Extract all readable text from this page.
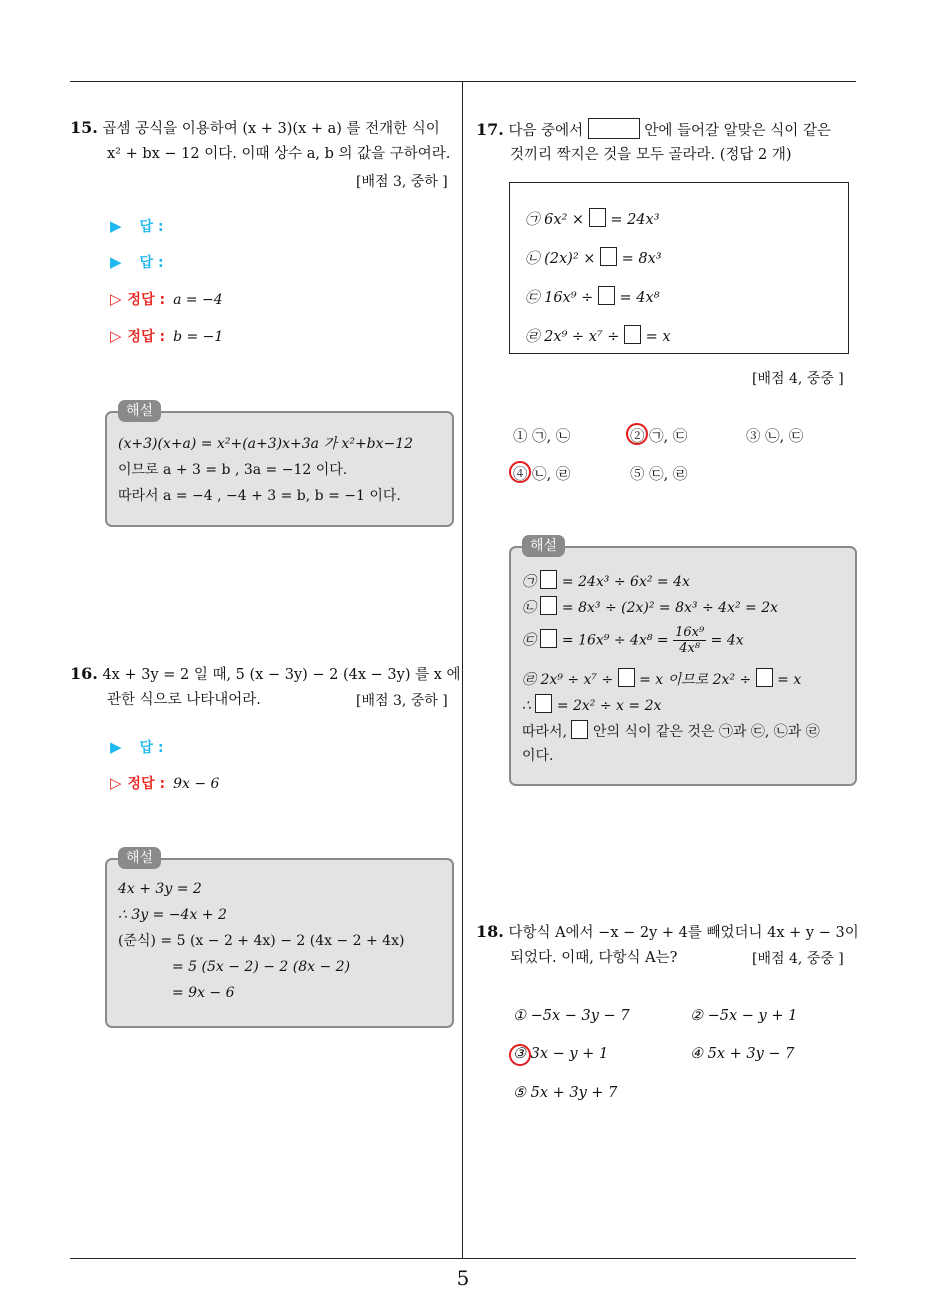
15. 곱셈 공식을 이용하여 (x + 3)(x + a) 를 전개한 식이
x² + bx − 12 이다. 이때 상수 a, b 의 값을 구하여라.
[배점 3, 중하 ]
▶ 답 :
▶ 답 :
▷ 정답 : a = −4
▷ 정답 : b = −1
해설
(x+3)(x+a) = x²+(a+3)x+3a 가 x²+bx−12
이므로 a + 3 = b , 3a = −12 이다.
따라서 a = −4 , −4 + 3 = b, b = −1 이다.
16. 4x + 3y = 2 일 때, 5 (x − 3y) − 2 (4x − 3y) 를 x 에
관한 식으로 나타내어라.	[배점 3, 중하 ]
▶ 답 :
▷ 정답 : 9x − 6
해설
4x + 3y = 2
∴ 3y = −4x + 2
(준식) = 5 (x − 2 + 4x) − 2 (4x − 2 + 4x)
= 5 (5x − 2) − 2 (8x − 2)
= 9x − 6
17. 다음 중에서	안에 들어갈 알맞은 식이 같은
것끼리 짝지은 것을 모두 골라라. (정답 2 개)
㉠ 6x² × = 24x³
㉡ (2x)² × = 8x³
㉢ 16x⁹ ÷ = 4x⁸
㉣ 2x⁹ ÷ x⁷ ÷ = x
[배점 4, 중중 ]
① ㉠, ㉡	② ㉠, ㉢	③ ㉡, ㉢
④ ㉡, ㉣	⑤ ㉢, ㉣
해설
㉠ = 24x³ ÷ 6x² = 4x
㉡ = 8x³ ÷ (2x)² = 8x³ ÷ 4x² = 2x
㉢ = $16x^9 \div 4x^8 = \frac{\text{16x⁹}}{\text{4x⁸}} = 4x$
㉣ 2x⁹ ÷ x⁷ ÷ = x 이므로 2x² ÷ = x
∴ = 2x² ÷ x = 2x
따라서, 안의 식이 같은 것은 ㉠과 ㉢, ㉡과 ㉣
이다.
18. 다항식 A에서 −x − 2y + 4를 빼었더니 4x + y − 3이
되었다. 이때, 다항식 A는?	[배점 4, 중중 ]
① −5x − 3y − 7	② −5x − y + 1
③ 3x − y + 1	④ 5x + 3y − 7
⑤ 5x + 3y + 7
5
